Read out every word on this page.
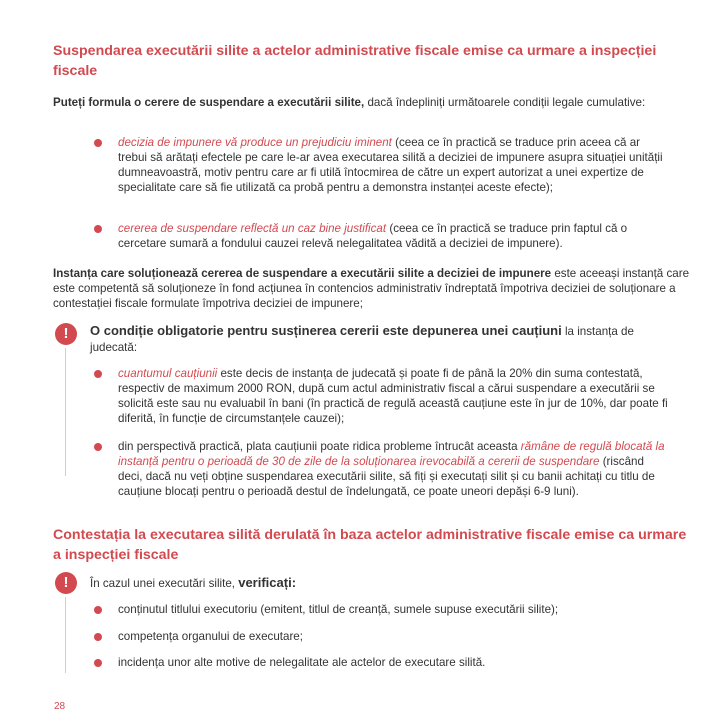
Suspendarea executării silite a actelor administrative fiscale emise ca urmare a inspecției fiscale

Puteți formula o cerere de suspendare a executării silite, dacă îndepliniți următoarele condiții legale cumulative:

decizia de impunere vă produce un prejudiciu iminent (ceea ce în practică se traduce prin aceea că ar trebui să arătați efectele pe care le-ar avea executarea silită a deciziei de impunere asupra situației unității dumneavoastră, motiv pentru care ar fi utilă întocmirea de către un expert autorizat a unei expertize de specialitate care să fie utilizată ca probă pentru a demonstra instanței aceste efecte);

cererea de suspendare reflectă un caz bine justificat (ceea ce în practică se traduce prin faptul că o cercetare sumară a fondului cauzei relevă nelegalitatea vădită a deciziei de impunere).

Instanța care soluționează cererea de suspendare a executării silite a deciziei de impunere este aceeași instanță care este competentă să soluționeze în fond acțiunea în contencios administrativ îndreptată împotriva deciziei de soluționare a contestației fiscale formulate împotriva deciziei de impunere;

!	O condiție obligatorie pentru susținerea cererii este depunerea unei cauțiuni la instanța de judecată:

cuantumul cauțiunii este decis de instanța de judecată și poate fi de până la 20% din suma contestată, respectiv de maximum 2000 RON, după cum actul administrativ fiscal a cărui suspendare a executării se solicită este sau nu evaluabil în bani (în practică de regulă această cauțiune este în jur de 10%, dar poate fi diferită, în funcție de circumstanțele cauzei);

din perspectivă practică, plata cauțiunii poate ridica probleme întrucât aceasta rămâne de regulă blocată la instanță pentru o perioadă de 30 de zile de la soluționarea irevocabilă a cererii de suspendare (riscând deci, dacă nu veți obține suspendarea executării silite, să fiți și executați silit și cu banii achitați cu titlu de cauțiune blocați pentru o perioadă destul de îndelungată, ce poate uneori depăși 6-9 luni).

Contestația la executarea silită derulată în baza actelor administrative fiscale emise ca urmare a inspecției fiscale
!	În cazul unei executări silite, verificați:

conținutul titlului executoriu (emitent, titlul de creanță, sumele supuse executării silite);

competența organului de executare;

incidența unor alte motive de nelegalitate ale actelor de executare silită.

28
